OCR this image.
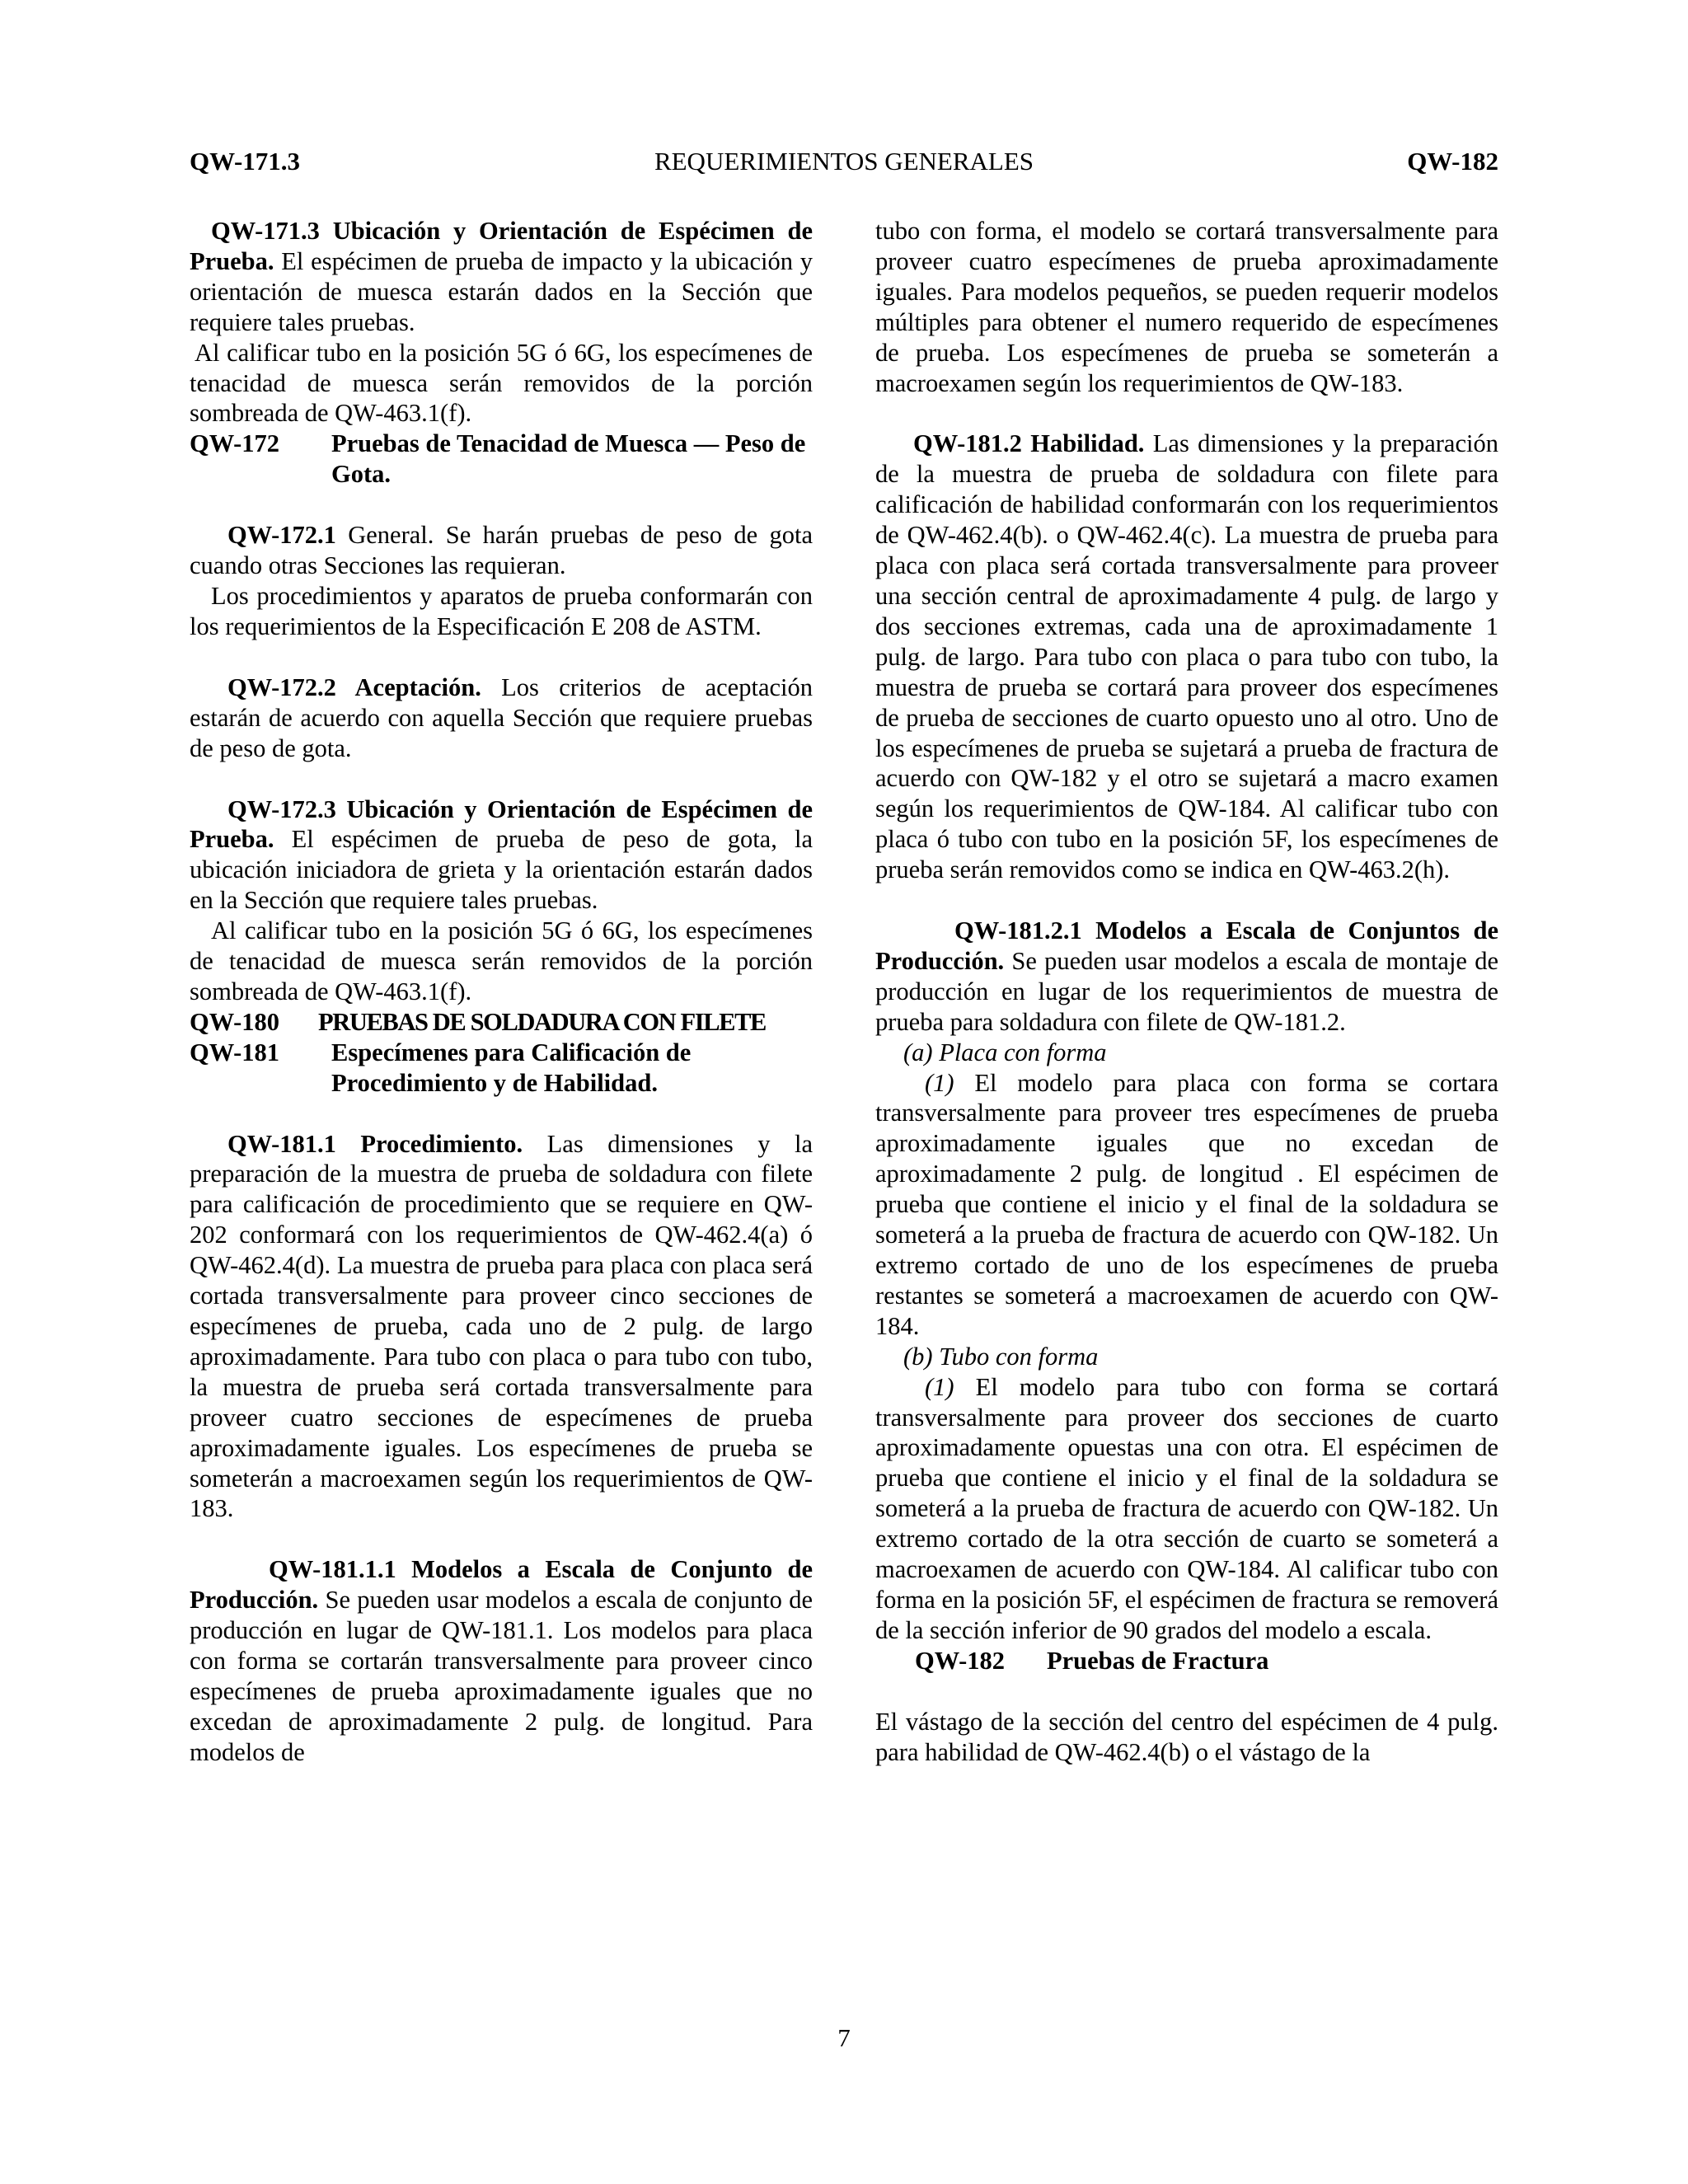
QW-171.3	REQUERIMIENTOS GENERALES	QW-182

QW-171.3 Ubicación y Orientación de Espécimen de Prueba. El espécimen de prueba de impacto y la ubicación y orientación de muesca estarán dados en la Sección que requiere tales pruebas.

Al calificar tubo en la posición 5G ó 6G, los especímenes de tenacidad de muesca serán removidos de la porción sombreada de QW-463.1(f).

QW-172	Pruebas de Tenacidad de Muesca — Peso de Gota.

QW-172.1 General. Se harán pruebas de peso de gota cuando otras Secciones las requieran.

Los procedimientos y aparatos de prueba conformarán con los requerimientos de la Especificación E 208 de ASTM.

QW-172.2 Aceptación. Los criterios de aceptación estarán de acuerdo con aquella Sección que requiere pruebas de peso de gota.

QW-172.3 Ubicación y Orientación de Espécimen de Prueba. El espécimen de prueba de peso de gota, la ubicación iniciadora de grieta y la orientación estarán dados en la Sección que requiere tales pruebas.

Al calificar tubo en la posición 5G ó 6G, los especímenes de tenacidad de muesca serán removidos de la porción sombreada de QW-463.1(f).

QW-180	PRUEBAS DE SOLDADURA CON FILETE
QW-181	Especímenes para Calificación de Procedimiento y de Habilidad.

QW-181.1 Procedimiento. Las dimensiones y la preparación de la muestra de prueba de soldadura con filete para calificación de procedimiento que se requiere en QW-202 conformará con los requerimientos de QW-462.4(a) ó QW-462.4(d). La muestra de prueba para placa con placa será cortada transversalmente para proveer cinco secciones de especímenes de prueba, cada uno de 2 pulg. de largo aproximadamente. Para tubo con placa o para tubo con tubo, la muestra de prueba será cortada transversalmente para proveer cuatro secciones de especímenes de prueba aproximadamente iguales. Los especímenes de prueba se someterán a macroexamen según los requerimientos de QW-183.

QW-181.1.1 Modelos a Escala de Conjunto de Producción. Se pueden usar modelos a escala de conjunto de producción en lugar de QW-181.1. Los modelos para placa con forma se cortarán transversalmente para proveer cinco especímenes de prueba aproximadamente iguales que no excedan de aproximadamente 2 pulg. de longitud. Para modelos de

tubo con forma, el modelo se cortará transversalmente para proveer cuatro especímenes de prueba aproximadamente iguales. Para modelos pequeños, se pueden requerir modelos múltiples para obtener el numero requerido de especímenes de prueba. Los especímenes de prueba se someterán a macroexamen según los requerimientos de QW-183.

QW-181.2 Habilidad. Las dimensiones y la preparación de la muestra de prueba de soldadura con filete para calificación de habilidad conformarán con los requerimientos de QW-462.4(b). o QW-462.4(c). La muestra de prueba para placa con placa será cortada transversalmente para proveer una sección central de aproximadamente 4 pulg. de largo y dos secciones extremas, cada una de aproximadamente 1 pulg. de largo. Para tubo con placa o para tubo con tubo, la muestra de prueba se cortará para proveer dos especímenes de prueba de secciones de cuarto opuesto uno al otro. Uno de los especímenes de prueba se sujetará a prueba de fractura de acuerdo con QW-182 y el otro se sujetará a macro examen según los requerimientos de QW-184. Al calificar tubo con placa ó tubo con tubo en la posición 5F, los especímenes de prueba serán removidos como se indica en QW-463.2(h).

QW-181.2.1 Modelos a Escala de Conjuntos de Producción. Se pueden usar modelos a escala de montaje de producción en lugar de los requerimientos de muestra de prueba para soldadura con filete de QW-181.2.

(a) Placa con forma

(1) El modelo para placa con forma se cortara transversalmente para proveer tres especímenes de prueba aproximadamente iguales que no excedan de aproximadamente 2 pulg. de longitud . El espécimen de prueba que contiene el inicio y el final de la soldadura se someterá a la prueba de fractura de acuerdo con QW-182. Un extremo cortado de uno de los especímenes de prueba restantes se someterá a macroexamen de acuerdo con QW-184.

(b) Tubo con forma

(1) El modelo para tubo con forma se cortará transversalmente para proveer dos secciones de cuarto aproximadamente opuestas una con otra. El espécimen de prueba que contiene el inicio y el final de la soldadura se someterá a la prueba de fractura de acuerdo con QW-182. Un extremo cortado de la otra sección de cuarto se someterá a macroexamen de acuerdo con QW-184. Al calificar tubo con forma en la posición 5F, el espécimen de fractura se removerá de la sección inferior de 90 grados del modelo a escala.

QW-182	Pruebas de Fractura

El vástago de la sección del centro del espécimen de 4 pulg. para habilidad de QW-462.4(b) o el vástago de la

7
